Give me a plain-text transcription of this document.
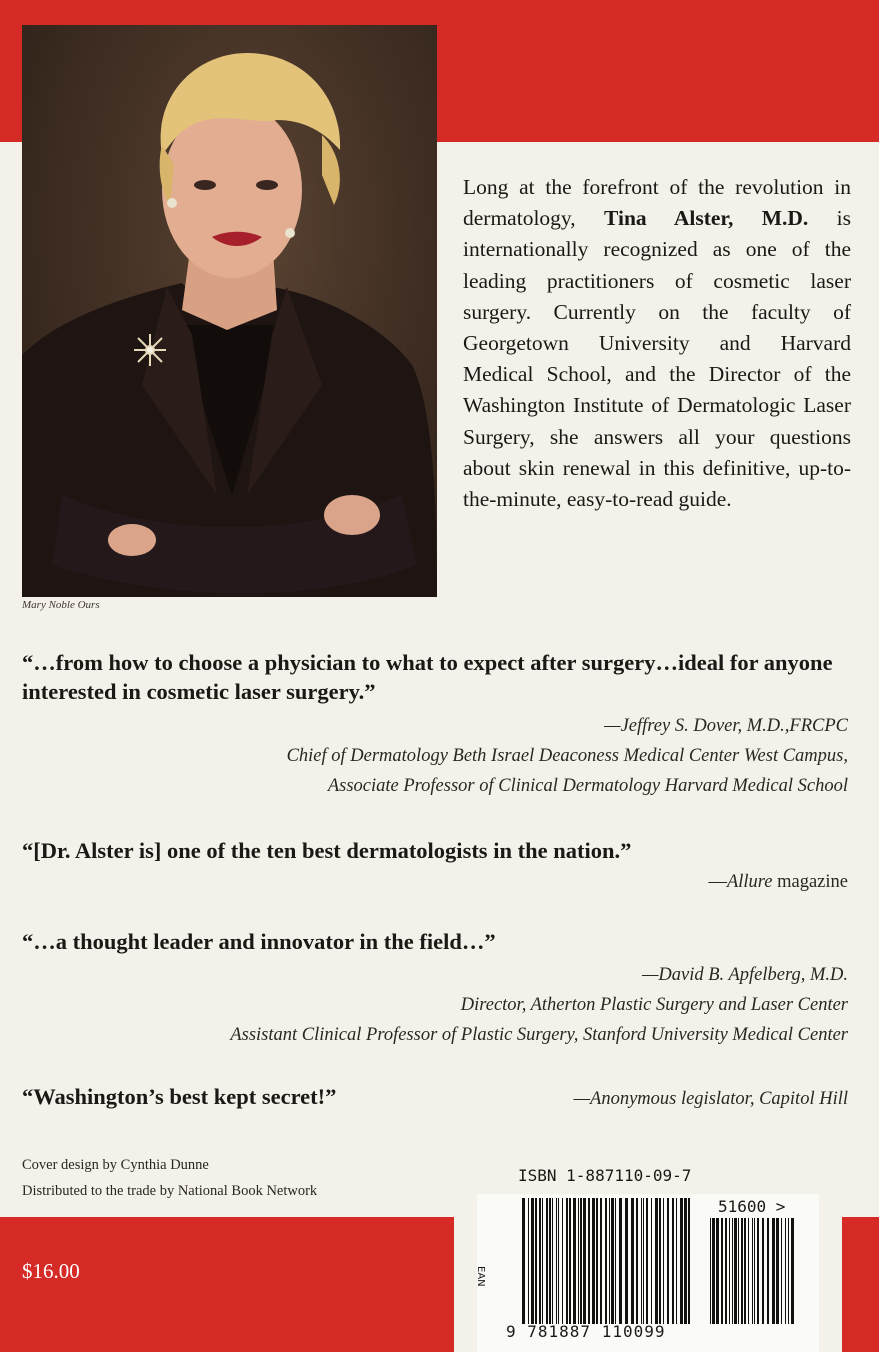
Mary Noble Ours
Long at the forefront of the revolution in dermatology, Tina Alster, M.D. is internationally recognized as one of the leading practitioners of cosmetic laser surgery. Currently on the faculty of Georgetown University and Harvard Medical School, and the Director of the Washington Institute of Dermatologic Laser Surgery, she answers all your questions about skin renewal in this definitive, up-to-the-minute, easy-to-read guide.
“…from how to choose a physician to what to expect after surgery…ideal for anyone interested in cosmetic laser surgery.”
—Jeffrey S. Dover, M.D.,FRCPC
Chief of Dermatology Beth Israel Deaconess Medical Center West Campus,
Associate Professor of Clinical Dermatology Harvard Medical School
“[Dr. Alster is] one of the ten best dermatologists in the nation.”
—Allure magazine
“…a thought leader and innovator in the field…”
—David B. Apfelberg, M.D.
Director, Atherton Plastic Surgery and Laser Center
Assistant Clinical Professor of Plastic Surgery, Stanford University Medical Center
“Washington’s best kept secret!”	—Anonymous legislator, Capitol Hill
Cover design by Cynthia Dunne
Distributed to the trade by National Book Network
$16.00
ISBN 1-887110-09-7
51600 >
EAN
9 781887 110099
